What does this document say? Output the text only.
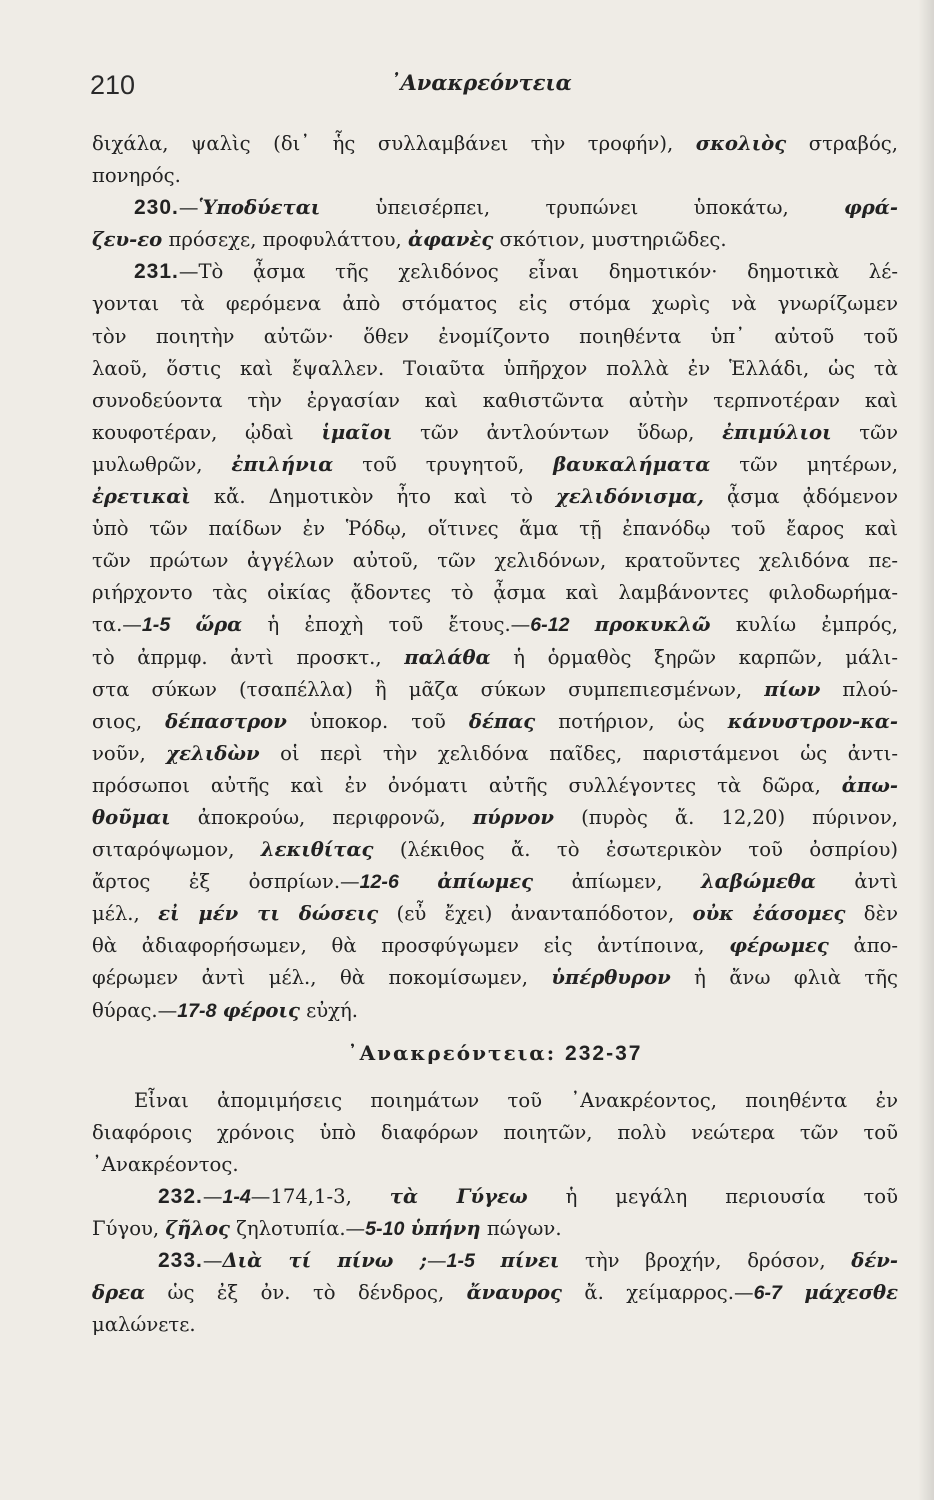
210	᾽Ανακρεόντεια
διχάλα, ψαλὶς (δι᾽ ἧς συλλαμβάνει τὴν τροφήν), σκολιὸς στραβός,
πονηρός.
230.—Ὑποδύεται ὑπεισέρπει, τρυπώνει ὑποκάτω, φρά-
ζευ-εο πρόσεχε, προφυλάττου, ἀφανὲς σκότιον, μυστηριῶδες.
231.—Τὸ ᾆσμα τῆς χελιδόνος εἶναι δημοτικόν· δημοτικὰ λέ-
γονται τὰ φερόμενα ἀπὸ στόματος εἰς στόμα χωρὶς νὰ γνωρίζωμεν
τὸν ποιητὴν αὐτῶν· ὅθεν ἐνομίζοντο ποιηθέντα ὑπ᾽ αὐτοῦ τοῦ
λαοῦ, ὅστις καὶ ἔψαλλεν. Τοιαῦτα ὑπῆρχον πολλὰ ἐν Ἑλλάδι, ὡς τὰ
συνοδεύοντα τὴν ἐργασίαν καὶ καθιστῶντα αὐτὴν τερπνοτέραν καὶ
κουφοτέραν, ᾠδαὶ ἱμαῖοι τῶν ἀντλούντων ὕδωρ, ἐπιμύλιοι τῶν
μυλωθρῶν, ἐπιλήνια τοῦ τρυγητοῦ, βαυκαλήματα τῶν μητέρων,
ἐρετικαὶ κἄ. Δημοτικὸν ἦτο καὶ τὸ χελιδόνισμα, ᾆσμα ᾀδόμενον
ὑπὸ τῶν παίδων ἐν Ῥόδῳ, οἵτινες ἅμα τῇ ἐπανόδῳ τοῦ ἔαρος καὶ
τῶν πρώτων ἀγγέλων αὐτοῦ, τῶν χελιδόνων, κρατοῦντες χελιδόνα πε-
ριήρχοντο τὰς οἰκίας ᾄδοντες τὸ ᾆσμα καὶ λαμβάνοντες φιλοδωρήμα-
τα.—1-5 ὥρα ἡ ἐποχὴ τοῦ ἔτους.—6-12 προκυκλῶ κυλίω ἐμπρός,
τὸ ἀπρμφ. ἀντὶ προσκτ., παλάθα ἡ ὁρμαθὸς ξηρῶν καρπῶν, μάλι-
στα σύκων (τσαπέλλα) ἢ μᾶζα σύκων συμπεπιεσμένων, πίων πλού-
σιος, δέπαστρον ὑποκορ. τοῦ δέπας ποτήριον, ὡς κάνυστρον-κα-
νοῦν, χελιδὼν οἱ περὶ τὴν χελιδόνα παῖδες, παριστάμενοι ὡς ἀντι-
πρόσωποι αὐτῆς καὶ ἐν ὀνόματι αὐτῆς συλλέγοντες τὰ δῶρα, ἀπω-
θοῦμαι ἀποκρούω, περιφρονῶ, πύρνον (πυρὸς ἄ. 12,20) πύρινον,
σιταρόψωμον, λεκιθίτας (λέκιθος ἄ. τὸ ἐσωτερικὸν τοῦ ὀσπρίου)
ἄρτος ἐξ ὀσπρίων.—12-6 ἀπίωμες ἀπίωμεν, λαβώμεθα ἀντὶ
μέλ., εἰ μέν τι δώσεις (εὖ ἔχει) ἀνανταπόδοτον, οὐκ ἐάσομες δὲν
θὰ ἀδιαφορήσωμεν, θὰ προσφύγωμεν εἰς ἀντίποινα, φέρωμες ἀπο-
φέρωμεν ἀντὶ μέλ., θὰ ποκομίσωμεν, ὑπέρθυρον ἡ ἄνω φλιὰ τῆς
θύρας.—17-8 φέροις εὐχή.
᾽Ανακρεόντεια: 232-37
Εἶναι ἀπομιμήσεις ποιημάτων τοῦ ᾽Ανακρέοντος, ποιηθέντα ἐν
διαφόροις χρόνοις ὑπὸ διαφόρων ποιητῶν, πολὺ νεώτερα τῶν τοῦ
᾽Ανακρέοντος.
232.—1-4—174,1-3, τὰ Γύγεω ἡ μεγάλη περιουσία τοῦ
Γύγου, ζῆλος ζηλοτυπία.—5-10 ὑπήνη πώγων.
233.—Διὰ τί πίνω ;—1-5 πίνει τὴν βροχήν, δρόσον, δέν-
δρεα ὡς ἐξ ὀν. τὸ δένδρος, ἄναυρος ἄ. χείμαρρος.—6-7 μάχεσθε
μαλώνετε.
